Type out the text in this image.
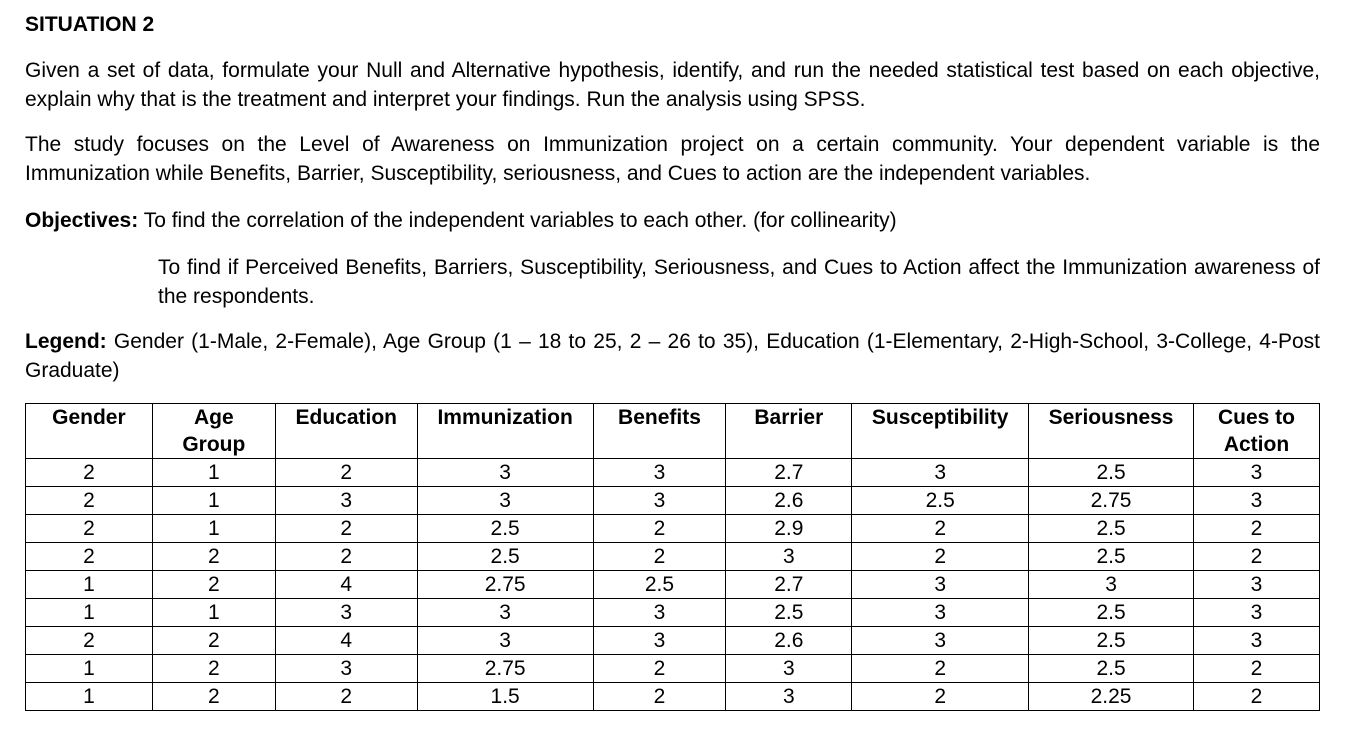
SITUATION 2
Given a set of data, formulate your Null and Alternative hypothesis, identify, and run the needed statistical test based on each objective, explain why that is the treatment and interpret your findings. Run the analysis using SPSS.
The study focuses on the Level of Awareness on Immunization project on a certain community. Your dependent variable is the Immunization while Benefits, Barrier, Susceptibility, seriousness, and Cues to action are the independent variables.
Objectives: To find the correlation of the independent variables to each other. (for collinearity)
To find if Perceived Benefits, Barriers, Susceptibility, Seriousness, and Cues to Action affect the Immunization awareness of the respondents.
Legend: Gender (1-Male, 2-Female), Age Group (1 – 18 to 25, 2 – 26 to 35), Education (1-Elementary, 2-High-School, 3-College, 4-Post Graduate)
Gender	Age Group	Education	Immunization	Benefits	Barrier	Susceptibility	Seriousness	Cues to Action
2	1	2	3	3	2.7	3	2.5	3
2	1	3	3	3	2.6	2.5	2.75	3
2	1	2	2.5	2	2.9	2	2.5	2
2	2	2	2.5	2	3	2	2.5	2
1	2	4	2.75	2.5	2.7	3	3	3
1	1	3	3	3	2.5	3	2.5	3
2	2	4	3	3	2.6	3	2.5	3
1	2	3	2.75	2	3	2	2.5	2
1	2	2	1.5	2	3	2	2.25	2
